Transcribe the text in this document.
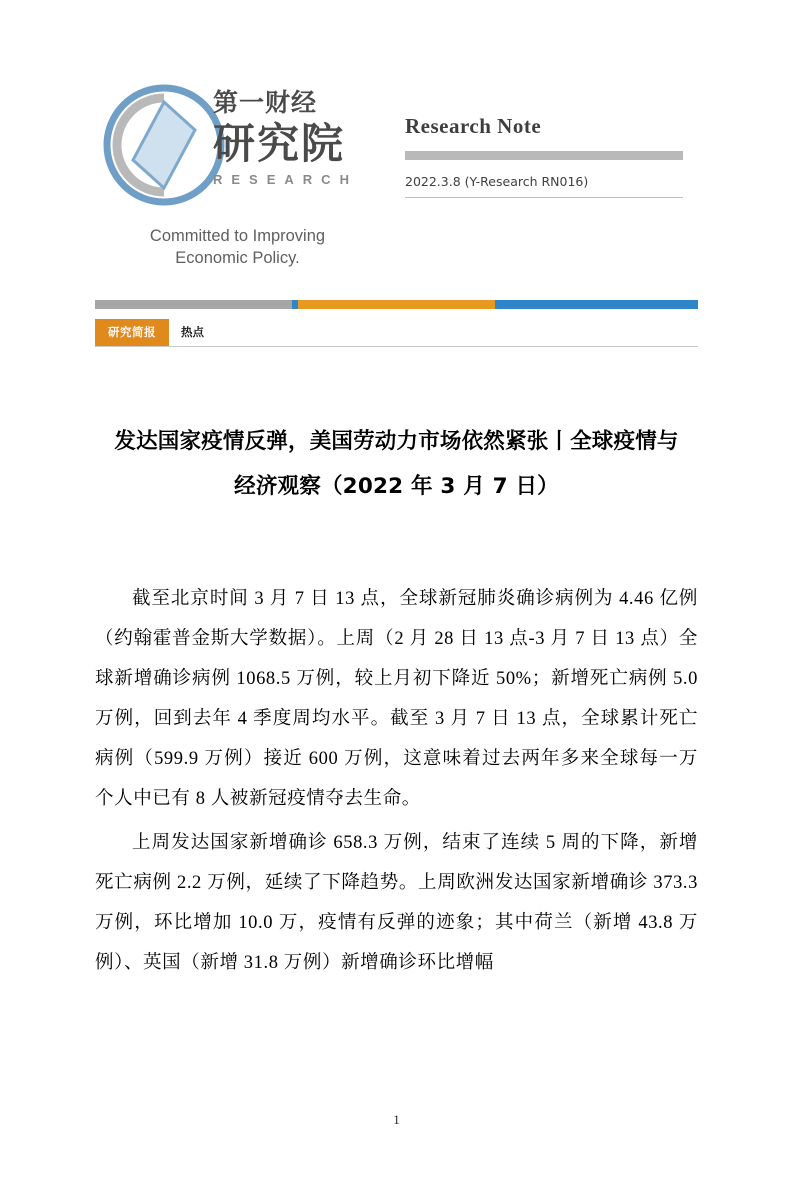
第一财经
研究院
RESEARCH
Committed to Improving
Economic Policy.
Research Note
2022.3.8 (Y-Research RN016)
研究简报	热点
发达国家疫情反弹，美国劳动力市场依然紧张丨全球疫情与经济观察（2022 年 3 月 7 日）

截至北京时间 3 月 7 日 13 点，全球新冠肺炎确诊病例为 4.46 亿例（约翰霍普金斯大学数据）。上周（2 月 28 日 13 点-3 月 7 日 13 点）全球新增确诊病例 1068.5 万例，较上月初下降近 50%；新增死亡病例 5.0 万例，回到去年 4 季度周均水平。截至 3 月 7 日 13 点，全球累计死亡病例（599.9 万例）接近 600 万例，这意味着过去两年多来全球每一万个人中已有 8 人被新冠疫情夺去生命。

上周发达国家新增确诊 658.3 万例，结束了连续 5 周的下降，新增死亡病例 2.2 万例，延续了下降趋势。上周欧洲发达国家新增确诊 373.3 万例，环比增加 10.0 万，疫情有反弹的迹象；其中荷兰（新增 43.8 万例）、英国（新增 31.8 万例）新增确诊环比增幅

1
